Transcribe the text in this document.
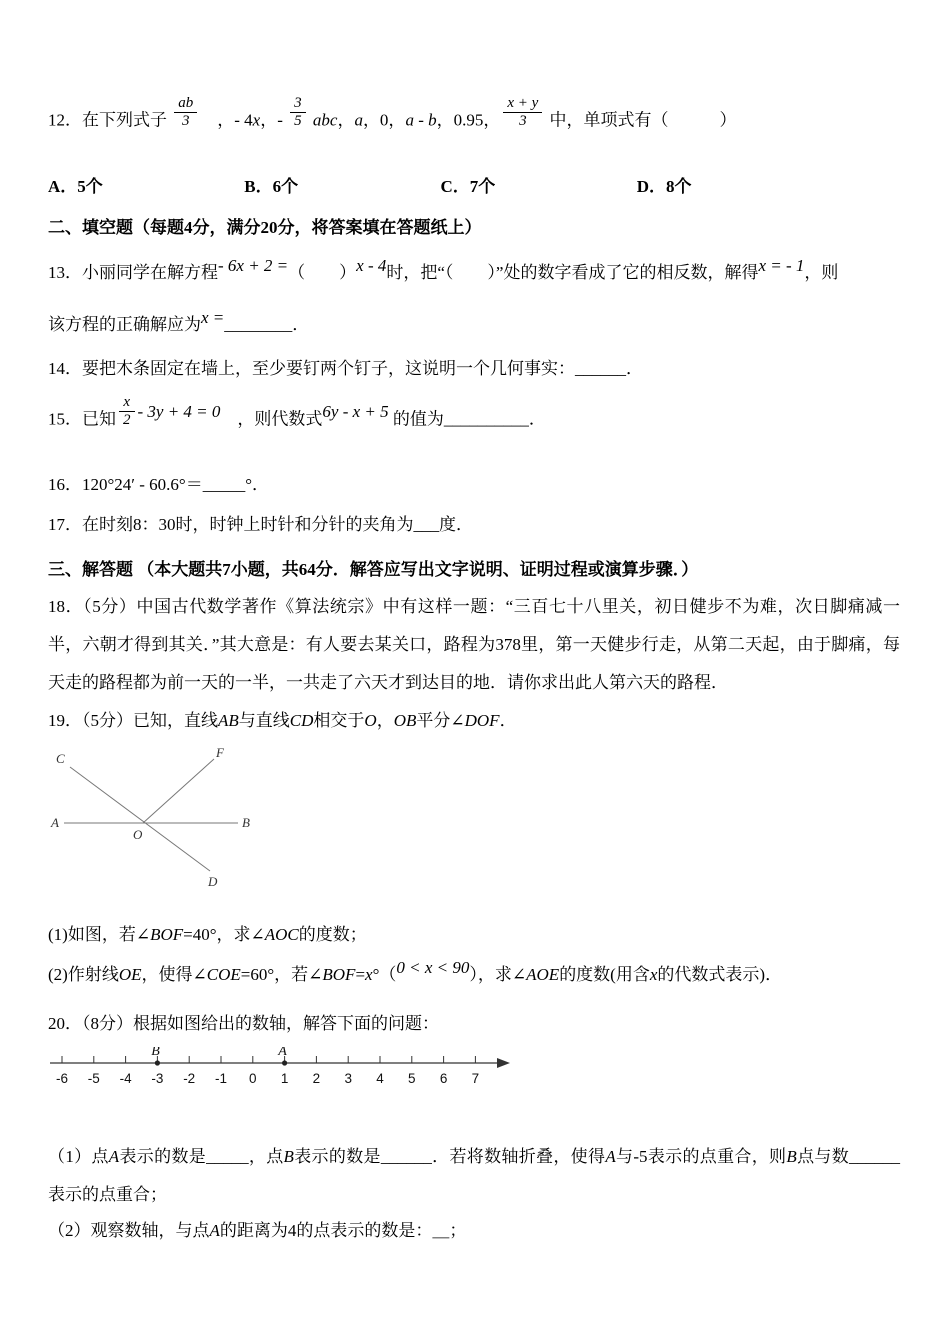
12．在下列式子 $\frac{ab}{3}$ 　，- 4x，- $\frac{3}{5}$ abc，a，0，a - b，0.95， $\frac{x + y}{3}$ 中，单项式有（　　　）
A．5个	B．6个	C．7个	D．8个
二、填空题（每题4分，满分20分，将答案填在答题纸上）
13．小丽同学在解方程- 6x + 2 =（　　）x - 4时，把“（　　）”处的数字看成了它的相反数，解得x = - 1，则
该方程的正确解应为x =________．
14．要把木条固定在墙上，至少要钉两个钉子，这说明一个几何事实：______．
15．已知 $\frac{x}{2} - 3y + 4 = 0$　，则代数式6y - x + 5 的值为__________．
16．120°24′ - 60.6°＝_____°．
17．在时刻8：30时，时钟上时针和分针的夹角为___度．
三、解答题 （本大题共7小题，共64分．解答应写出文字说明、证明过程或演算步骤．）
18．（5分）中国古代数学著作《算法统宗》中有这样一题：“三百七十八里关，初日健步不为难，次日脚痛减一半，六朝才得到其关．”其大意是：有人要去某关口，路程为378里，第一天健步行走，从第二天起，由于脚痛，每天走的路程都为前一天的一半，一共走了六天才到达目的地．请你求出此人第六天的路程．
19．（5分）已知，直线AB与直线CD相交于O，OB平分∠DOF．
C	F
A
O
B
D
(1)如图，若∠BOF=40°，求∠AOC的度数；
(2)作射线OE，使得∠COE=60°，若∠BOF=x°（0 < x < 90），求∠AOE的度数(用含x的代数式表示)．
20．（8分）根据如图给出的数轴，解答下面的问题：
B	A
-6 -5 -4 -3 -2 -1 0 1 2 3 4 5 6 7
（1）点A表示的数是_____，点B表示的数是______．若将数轴折叠，使得A与-5表示的点重合，则B点与数______表示的点重合；
（2）观察数轴，与点A的距离为4的点表示的数是：＿；
